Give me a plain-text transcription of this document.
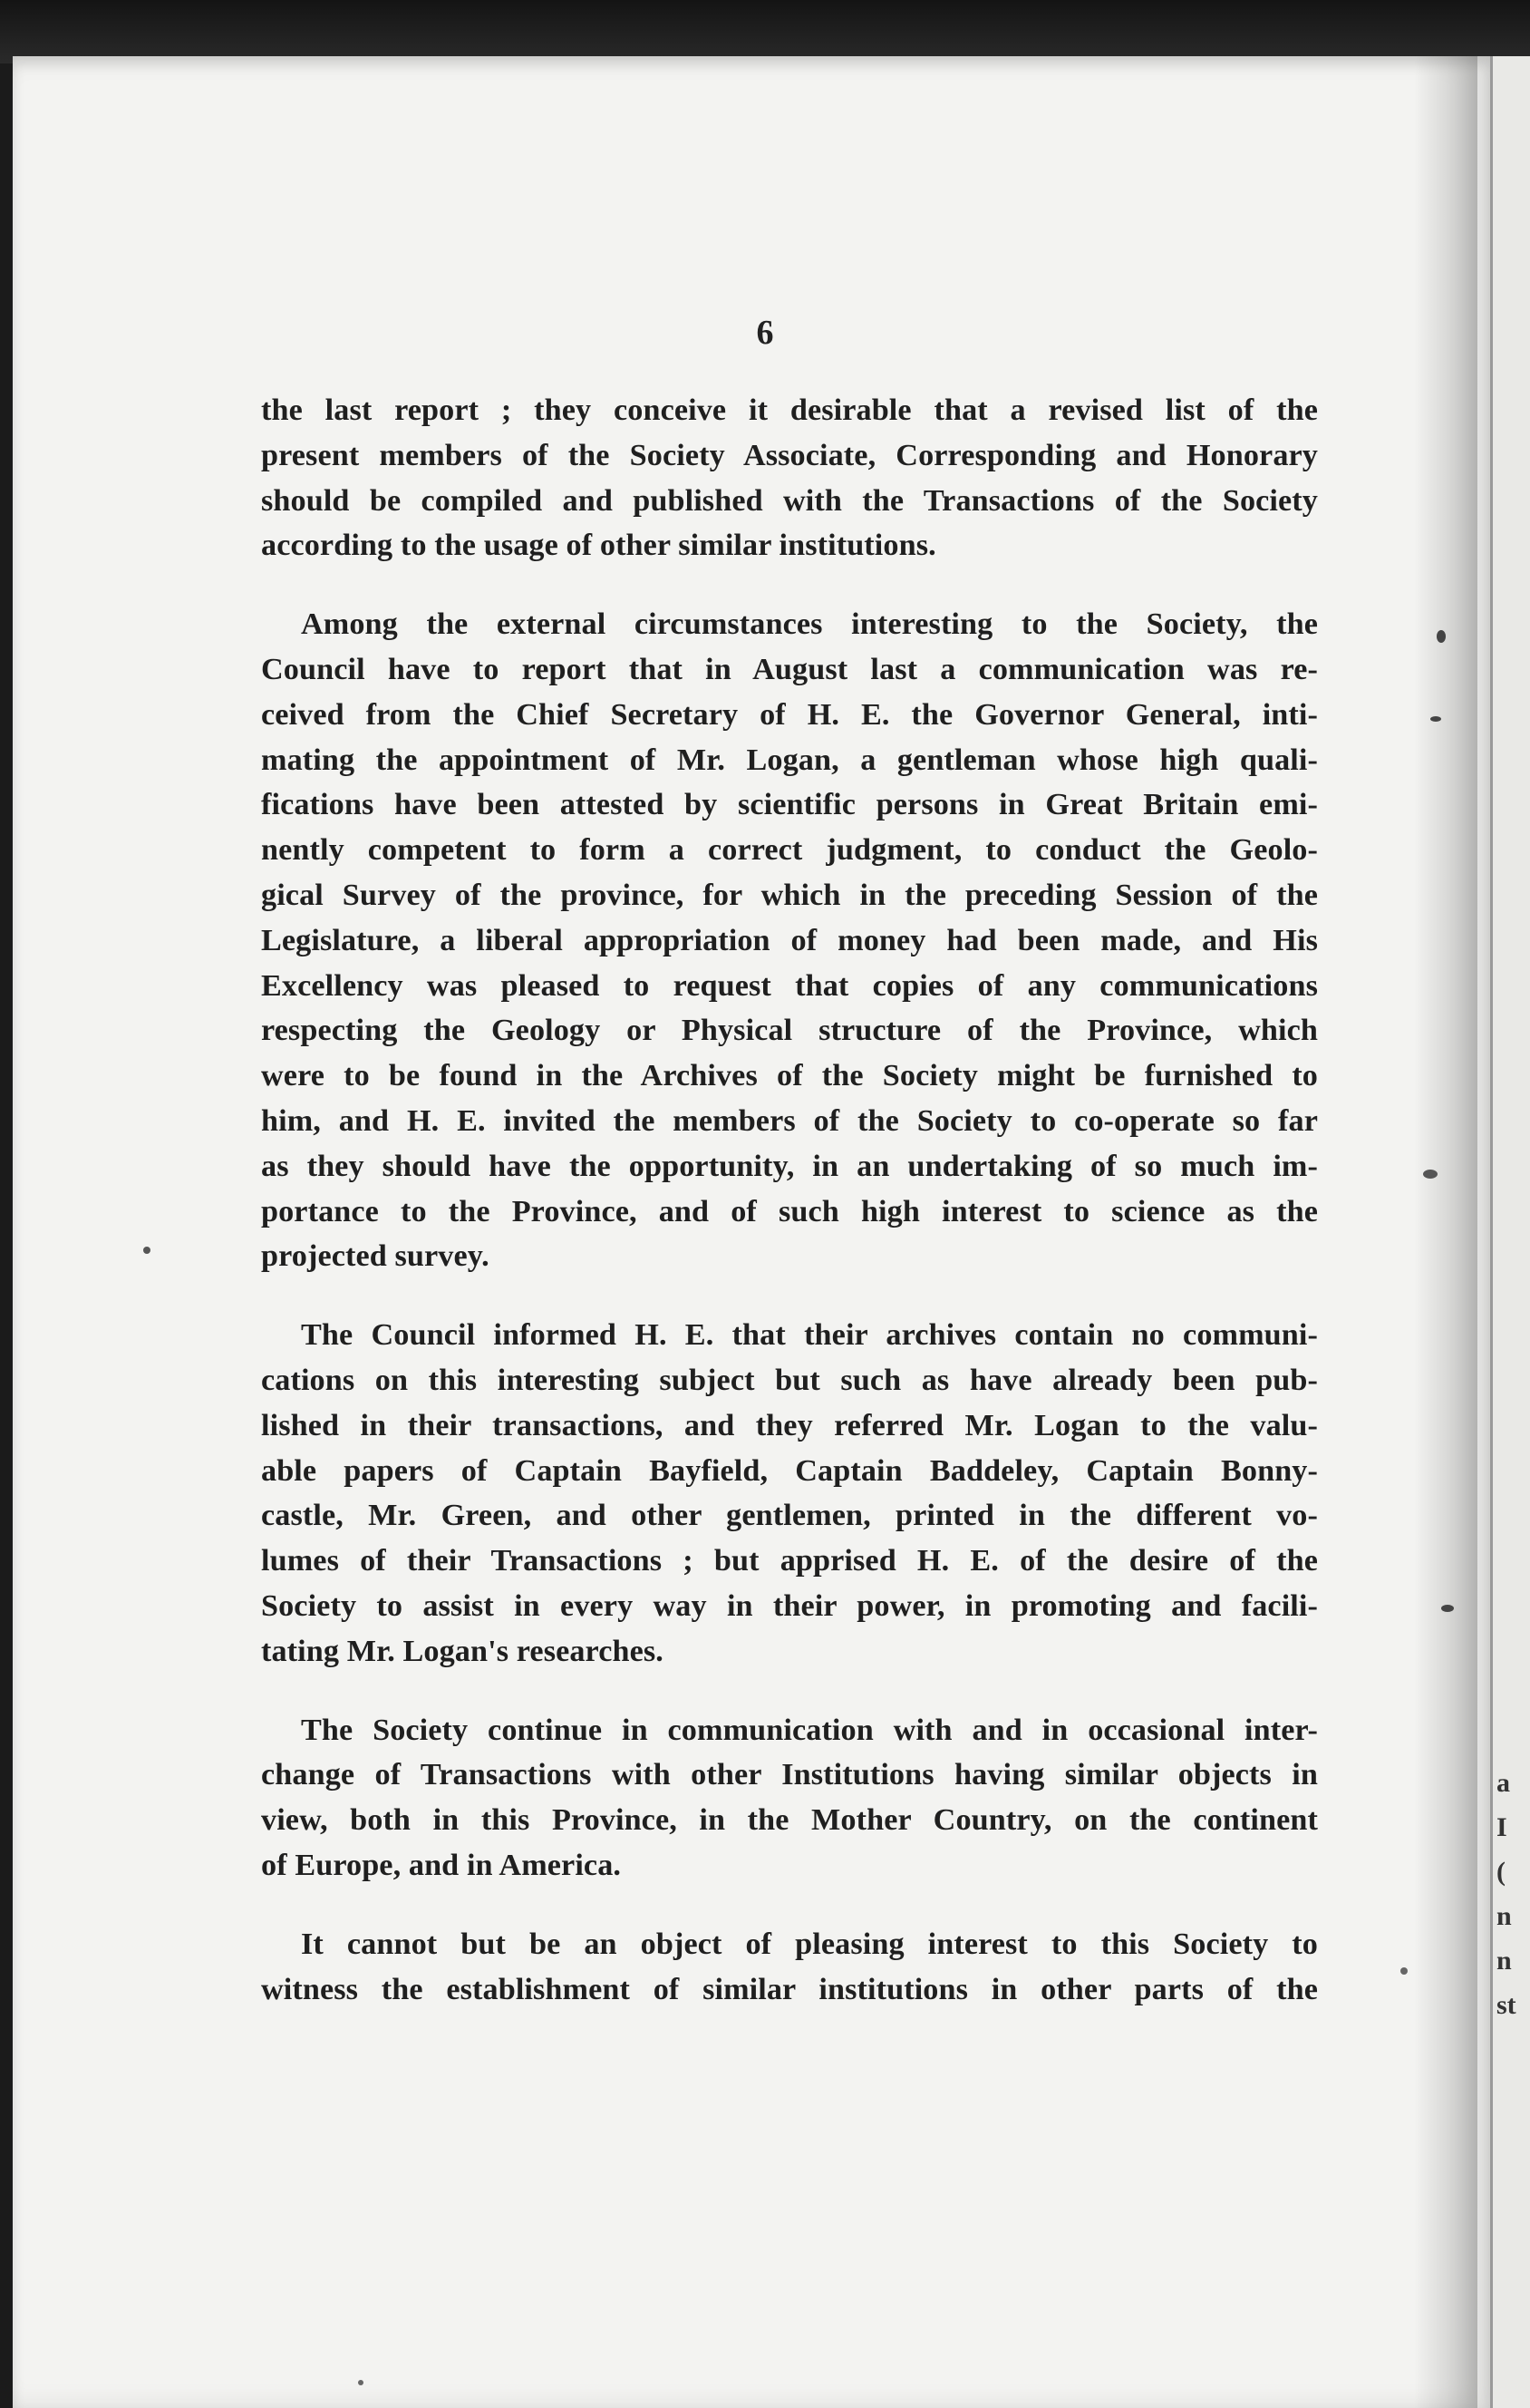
a
I
(
n
n
st
6
the last report ; they conceive it desirable that a revised list of the
present members of the Society Associate, Corresponding and Honorary
should be compiled and published with the Transactions of the Society
according to the usage of other similar institutions.
Among the external circumstances interesting to the Society, the
Council have to report that in August last a communication was re-
ceived from the Chief Secretary of H. E. the Governor General, inti-
mating the appointment of Mr. Logan, a gentleman whose high quali-
fications have been attested by scientific persons in Great Britain emi-
nently competent to form a correct judgment, to conduct the Geolo-
gical Survey of the province, for which in the preceding Session of the
Legislature, a liberal appropriation of money had been made, and His
Excellency was pleased to request that copies of any communications
respecting the Geology or Physical structure of the Province, which
were to be found in the Archives of the Society might be furnished to
him, and H. E. invited the members of the Society to co-operate so far
as they should have the opportunity, in an undertaking of so much im-
portance to the Province, and of such high interest to science as the
projected survey.
The Council informed H. E. that their archives contain no communi-
cations on this interesting subject but such as have already been pub-
lished in their transactions, and they referred Mr. Logan to the valu-
able papers of Captain Bayfield, Captain Baddeley, Captain Bonny-
castle, Mr. Green, and other gentlemen, printed in the different vo-
lumes of their Transactions ; but apprised H. E. of the desire of the
Society to assist in every way in their power, in promoting and facili-
tating Mr. Logan's researches.
The Society continue in communication with and in occasional inter-
change of Transactions with other Institutions having similar objects in
view, both in this Province, in the Mother Country, on the continent
of Europe, and in America.
It cannot but be an object of pleasing interest to this Society to
witness the establishment of similar institutions in other parts of the
